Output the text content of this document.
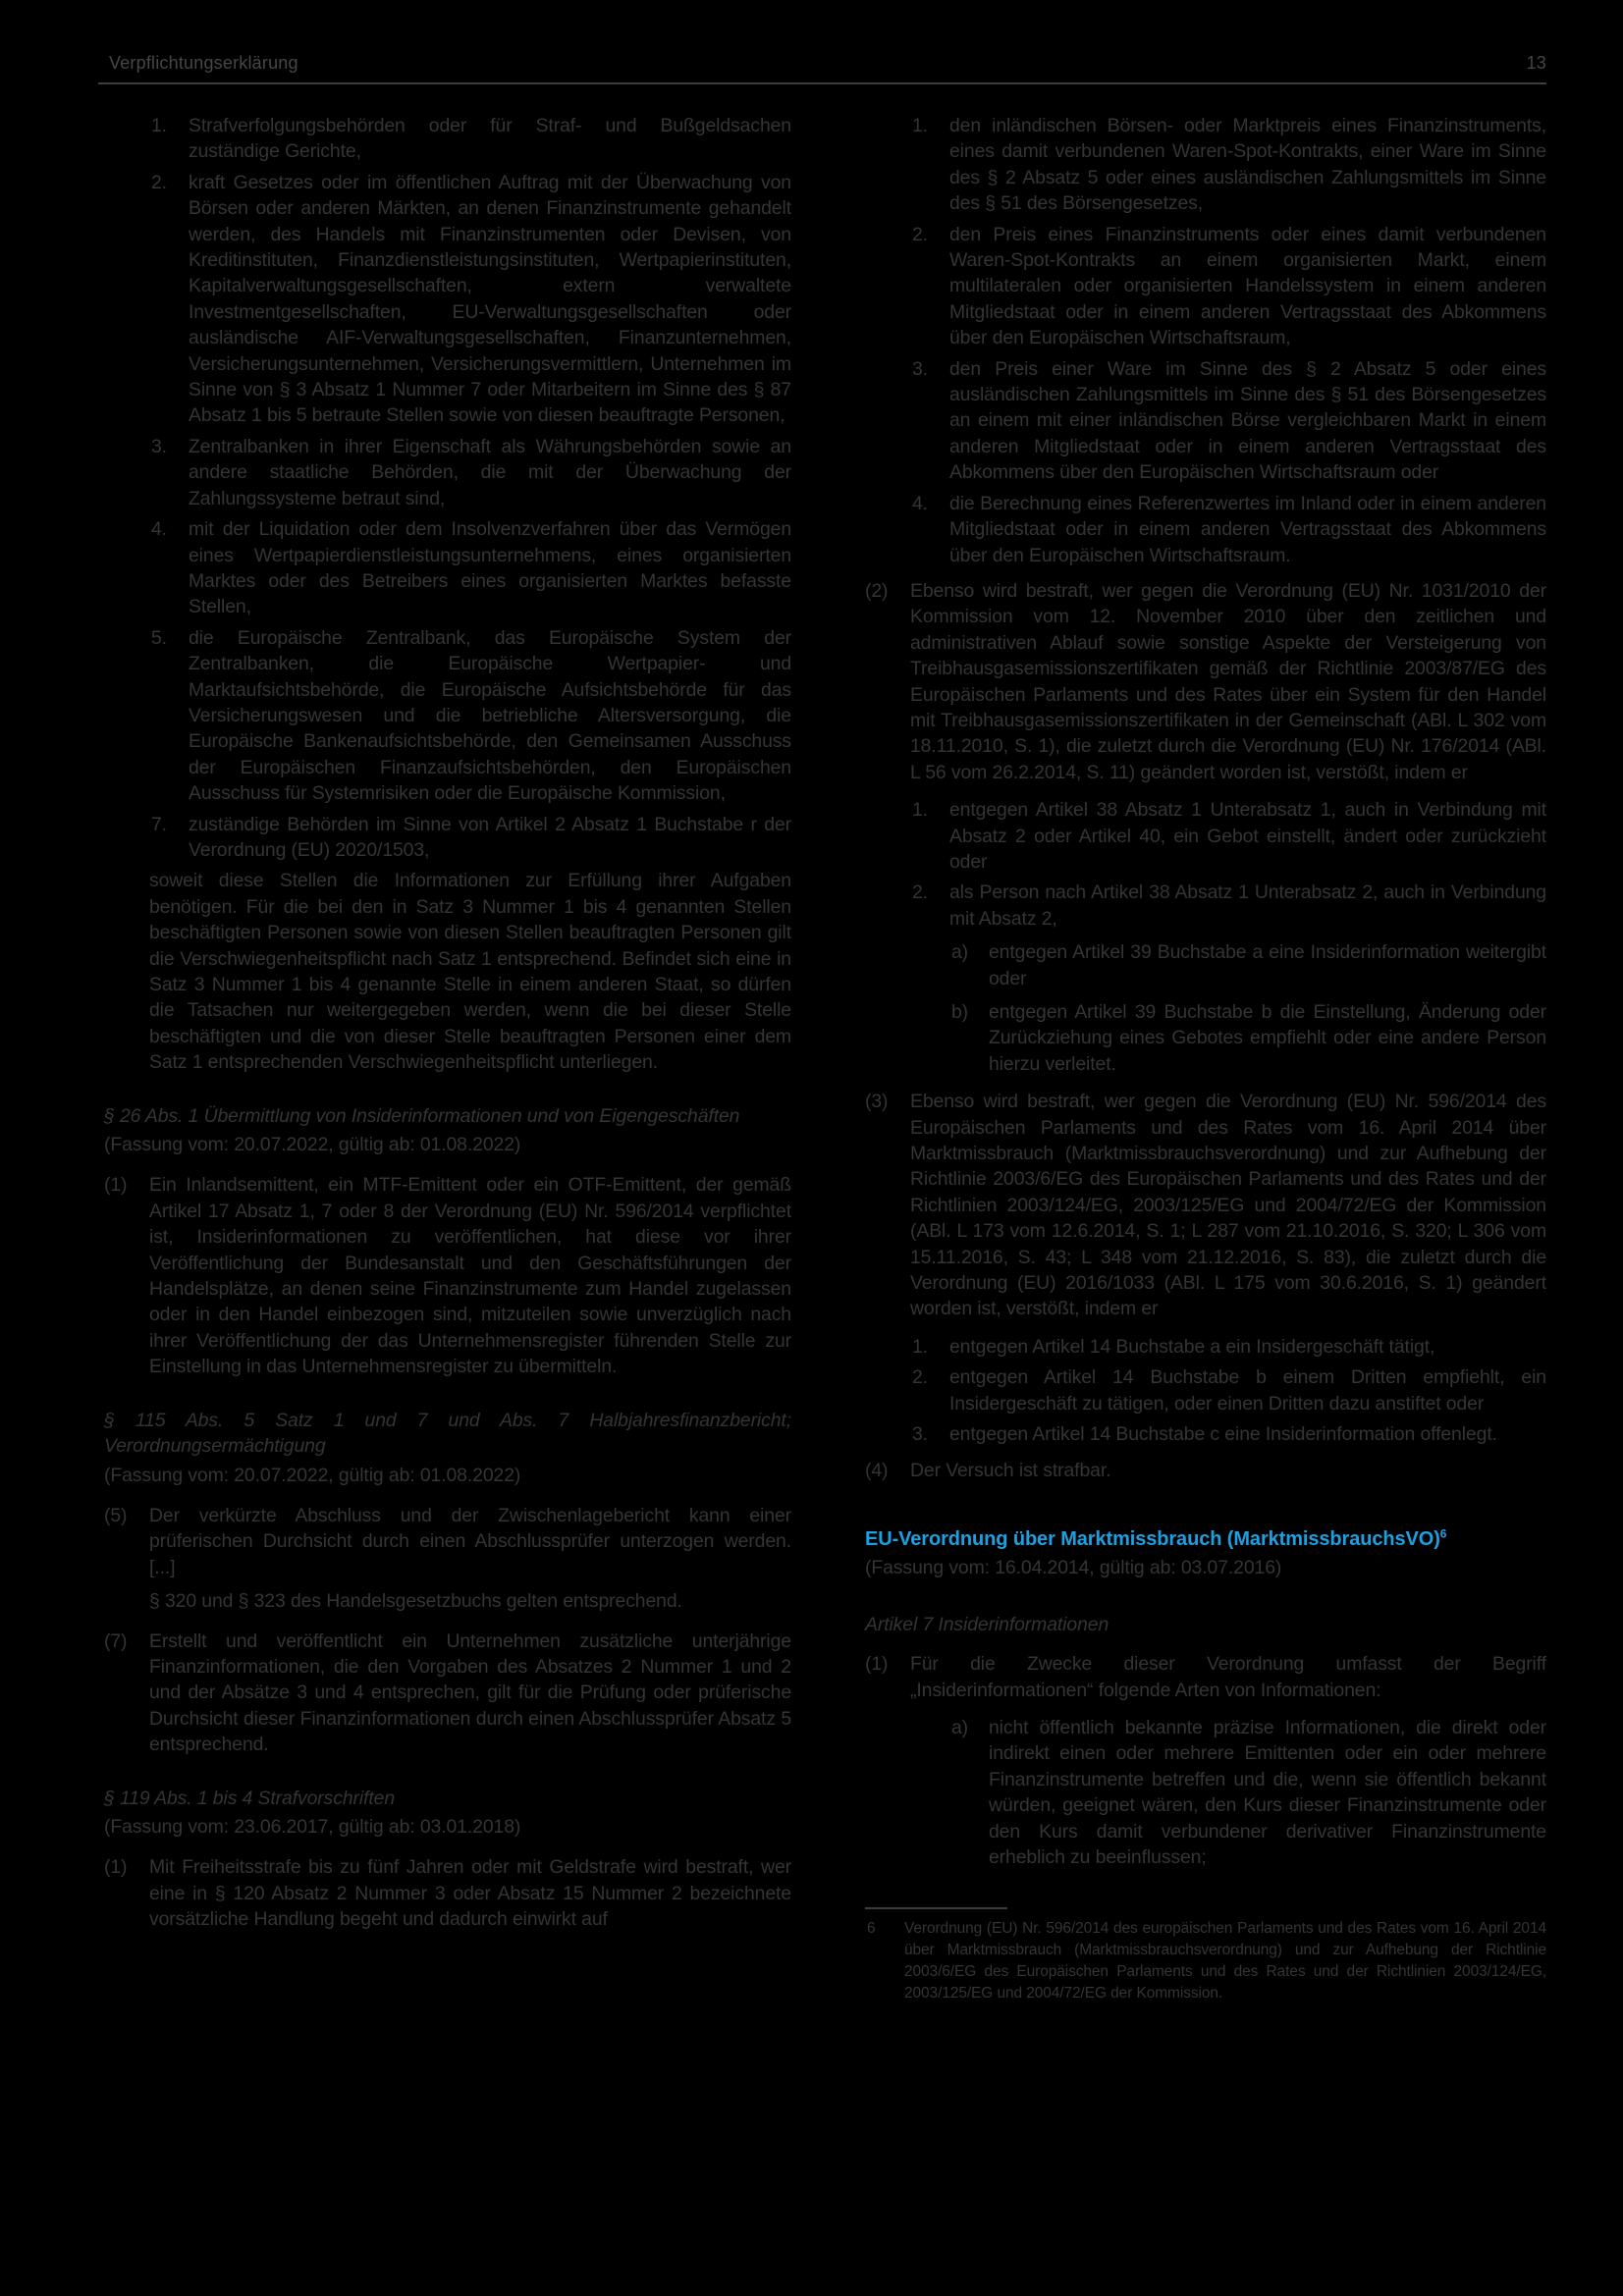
Verpflichtungserklärung	13
1. Strafverfolgungsbehörden oder für Straf- und Bußgeldsachen zuständige Gerichte,
2. kraft Gesetzes oder im öffentlichen Auftrag mit der Überwachung von Börsen oder anderen Märkten, an denen Finanzinstrumente gehandelt werden, des Handels mit Finanzinstrumenten oder Devisen, von Kreditinstituten, Finanzdienstleistungsinstituten, Wertpapierinstituten, Kapitalverwaltungsgesellschaften, extern verwaltete Investmentgesellschaften, EU-Verwaltungsgesellschaften oder ausländische AIF-Verwaltungsgesellschaften, Finanzunternehmen, Versicherungsunternehmen, Versicherungsvermittlern, Unternehmen im Sinne von § 3 Absatz 1 Nummer 7 oder Mitarbeitern im Sinne des § 87 Absatz 1 bis 5 betraute Stellen sowie von diesen beauftragte Personen,
3. Zentralbanken in ihrer Eigenschaft als Währungsbehörden sowie an andere staatliche Behörden, die mit der Überwachung der Zahlungssysteme betraut sind,
4. mit der Liquidation oder dem Insolvenzverfahren über das Vermögen eines Wertpapierdienstleistungsunternehmens, eines organisierten Marktes oder des Betreibers eines organisierten Marktes befasste Stellen,
5. die Europäische Zentralbank, das Europäische System der Zentralbanken, die Europäische Wertpapier- und Marktaufsichtsbehörde, die Europäische Aufsichtsbehörde für das Versicherungswesen und die betriebliche Altersversorgung, die Europäische Bankenaufsichtsbehörde, den Gemeinsamen Ausschuss der Europäischen Finanzaufsichtsbehörden, den Europäischen Ausschuss für Systemrisiken oder die Europäische Kommission,
7. zuständige Behörden im Sinne von Artikel 2 Absatz 1 Buchstabe r der Verordnung (EU) 2020/1503,
soweit diese Stellen die Informationen zur Erfüllung ihrer Aufgaben benötigen. Für die bei den in Satz 3 Nummer 1 bis 4 genannten Stellen beschäftigten Personen sowie von diesen Stellen beauftragten Personen gilt die Verschwiegenheitspflicht nach Satz 1 entsprechend. Befindet sich eine in Satz 3 Nummer 1 bis 4 genannte Stelle in einem anderen Staat, so dürfen die Tatsachen nur weitergegeben werden, wenn die bei dieser Stelle beschäftigten und die von dieser Stelle beauftragten Personen einer dem Satz 1 entsprechenden Verschwiegenheitspflicht unterliegen.
§ 26 Abs. 1 Übermittlung von Insiderinformationen und von Eigengeschäften
(Fassung vom: 20.07.2022, gültig ab: 01.08.2022)
(1) Ein Inlandsemittent, ein MTF-Emittent oder ein OTF-Emittent, der gemäß Artikel 17 Absatz 1, 7 oder 8 der Verordnung (EU) Nr. 596/2014 verpflichtet ist, Insiderinformationen zu veröffentlichen, hat diese vor ihrer Veröffentlichung der Bundesanstalt und den Geschäftsführungen der Handelsplätze, an denen seine Finanzinstrumente zum Handel zugelassen oder in den Handel einbezogen sind, mitzuteilen sowie unverzüglich nach ihrer Veröffentlichung der das Unternehmensregister führenden Stelle zur Einstellung in das Unternehmensregister zu übermitteln.
§ 115 Abs. 5 Satz 1 und 7 und Abs. 7 Halbjahresfinanzbericht; Verordnungsermächtigung
(Fassung vom: 20.07.2022, gültig ab: 01.08.2022)
(5) Der verkürzte Abschluss und der Zwischenlagebericht kann einer prüferischen Durchsicht durch einen Abschlussprüfer unterzogen werden. [...]
§ 320 und § 323 des Handelsgesetzbuchs gelten entsprechend.
(7) Erstellt und veröffentlicht ein Unternehmen zusätzliche unterjährige Finanzinformationen, die den Vorgaben des Absatzes 2 Nummer 1 und 2 und der Absätze 3 und 4 entsprechen, gilt für die Prüfung oder prüferische Durchsicht dieser Finanzinformationen durch einen Abschlussprüfer Absatz 5 entsprechend.
§ 119 Abs. 1 bis 4 Strafvorschriften
(Fassung vom: 23.06.2017, gültig ab: 03.01.2018)
(1) Mit Freiheitsstrafe bis zu fünf Jahren oder mit Geldstrafe wird bestraft, wer eine in § 120 Absatz 2 Nummer 3 oder Absatz 15 Nummer 2 bezeichnete vorsätzliche Handlung begeht und dadurch einwirkt auf
1. den inländischen Börsen- oder Marktpreis eines Finanzinstruments, eines damit verbundenen Waren-Spot-Kontrakts, einer Ware im Sinne des § 2 Absatz 5 oder eines ausländischen Zahlungsmittels im Sinne des § 51 des Börsengesetzes,
2. den Preis eines Finanzinstruments oder eines damit verbundenen Waren-Spot-Kontrakts an einem organisierten Markt, einem multilateralen oder organisierten Handelssystem in einem anderen Mitgliedstaat oder in einem anderen Vertragsstaat des Abkommens über den Europäischen Wirtschaftsraum,
3. den Preis einer Ware im Sinne des § 2 Absatz 5 oder eines ausländischen Zahlungsmittels im Sinne des § 51 des Börsengesetzes an einem mit einer inländischen Börse vergleichbaren Markt in einem anderen Mitgliedstaat oder in einem anderen Vertragsstaat des Abkommens über den Europäischen Wirtschaftsraum oder
4. die Berechnung eines Referenzwertes im Inland oder in einem anderen Mitgliedstaat oder in einem anderen Vertragsstaat des Abkommens über den Europäischen Wirtschaftsraum.
(2) Ebenso wird bestraft, wer gegen die Verordnung (EU) Nr. 1031/2010 der Kommission vom 12. November 2010 über den zeitlichen und administrativen Ablauf sowie sonstige Aspekte der Versteigerung von Treibhausgasemissionszertifikaten gemäß der Richtlinie 2003/87/EG des Europäischen Parlaments und des Rates über ein System für den Handel mit Treibhausgasemissionszertifikaten in der Gemeinschaft (ABl. L 302 vom 18.11.2010, S. 1), die zuletzt durch die Verordnung (EU) Nr. 176/2014 (ABl. L 56 vom 26.2.2014, S. 11) geändert worden ist, verstößt, indem er
1. entgegen Artikel 38 Absatz 1 Unterabsatz 1, auch in Verbindung mit Absatz 2 oder Artikel 40, ein Gebot einstellt, ändert oder zurückzieht oder
2. als Person nach Artikel 38 Absatz 1 Unterabsatz 2, auch in Verbindung mit Absatz 2,
a) entgegen Artikel 39 Buchstabe a eine Insiderinformation weitergibt oder
b) entgegen Artikel 39 Buchstabe b die Einstellung, Änderung oder Zurückziehung eines Gebotes empfiehlt oder eine andere Person hierzu verleitet.
(3) Ebenso wird bestraft, wer gegen die Verordnung (EU) Nr. 596/2014 des Europäischen Parlaments und des Rates vom 16. April 2014 über Marktmissbrauch (Marktmissbrauchsverordnung) und zur Aufhebung der Richtlinie 2003/6/EG des Europäischen Parlaments und des Rates und der Richtlinien 2003/124/EG, 2003/125/EG und 2004/72/EG der Kommission (ABl. L 173 vom 12.6.2014, S. 1; L 287 vom 21.10.2016, S. 320; L 306 vom 15.11.2016, S. 43; L 348 vom 21.12.2016, S. 83), die zuletzt durch die Verordnung (EU) 2016/1033 (ABl. L 175 vom 30.6.2016, S. 1) geändert worden ist, verstößt, indem er
1. entgegen Artikel 14 Buchstabe a ein Insidergeschäft tätigt,
2. entgegen Artikel 14 Buchstabe b einem Dritten empfiehlt, ein Insidergeschäft zu tätigen, oder einen Dritten dazu anstiftet oder
3. entgegen Artikel 14 Buchstabe c eine Insiderinformation offenlegt.
(4) Der Versuch ist strafbar.
EU-Verordnung über Marktmissbrauch (MarktmissbrauchsVO)$^6$
(Fassung vom: 16.04.2014, gültig ab: 03.07.2016)
Artikel 7 Insiderinformationen
(1) Für die Zwecke dieser Verordnung umfasst der Begriff „Insiderinformationen“ folgende Arten von Informationen:
a) nicht öffentlich bekannte präzise Informationen, die direkt oder indirekt einen oder mehrere Emittenten oder ein oder mehrere Finanzinstrumente betreffen und die, wenn sie öffentlich bekannt würden, geeignet wären, den Kurs dieser Finanzinstrumente oder den Kurs damit verbundener derivativer Finanzinstrumente erheblich zu beeinflussen;
6 Verordnung (EU) Nr. 596/2014 des europäischen Parlaments und des Rates vom 16. April 2014 über Marktmissbrauch (Marktmissbrauchsverordnung) und zur Aufhebung der Richtlinie 2003/6/EG des Europäischen Parlaments und des Rates und der Richtlinien 2003/124/EG, 2003/125/EG und 2004/72/EG der Kommission.
